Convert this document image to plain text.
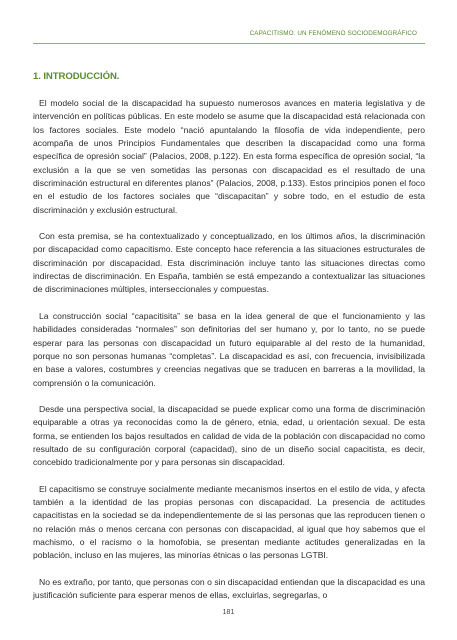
CAPACITISMO: UN FENÓMENO SOCIODEMOGRÁFICO
1. INTRODUCCIÓN.

El modelo social de la discapacidad ha supuesto numerosos avances en materia legislativa y de intervención en políticas públicas. En este modelo se asume que la discapacidad está relacionada con los factores sociales. Este modelo “nació apuntalando la filosofía de vida independiente, pero acompaña de unos Principios Fundamentales que describen la discapacidad como una forma específica de opresión social” (Palacios, 2008, p.122). En esta forma específica de opresión social, “la exclusión a la que se ven sometidas las personas con discapacidad es el resultado de una discriminación estructural en diferentes planos” (Palacios, 2008, p.133). Estos principios ponen el foco en el estudio de los factores sociales que “discapacitan” y sobre todo, en el estudio de esta discriminación y exclusión estructural.

Con esta premisa, se ha contextualizado y conceptualizado, en los últimos años, la discriminación por discapacidad como capacitismo. Este concepto hace referencia a las situaciones estructurales de discriminación por discapacidad. Esta discriminación incluye tanto las situaciones directas como indirectas de discriminación. En España, también se está empezando a contextualizar las situaciones de discriminaciones múltiples, interseccionales y compuestas.

La construcción social “capacitisita” se basa en la idea general de que el funcionamiento y las habilidades consideradas “normales” son definitorias del ser humano y, por lo tanto, no se puede esperar para las personas con discapacidad un futuro equiparable al del resto de la humanidad, porque no son personas humanas “completas”. La discapacidad es así, con frecuencia, invisibilizada en base a valores, costumbres y creencias negativas que se traducen en barreras a la movilidad, la comprensión o la comunicación.

Desde una perspectiva social, la discapacidad se puede explicar como una forma de discriminación equiparable a otras ya reconocidas como la de género, etnia, edad, u orientación sexual. De esta forma, se entienden los bajos resultados en calidad de vida de la población con discapacidad no como resultado de su configuración corporal (capacidad), sino de un diseño social capacitista, es decir, concebido tradicionalmente por y para personas sin discapacidad.

El capacitismo se construye socialmente mediante mecanismos insertos en el estilo de vida, y afecta también a la identidad de las propias personas con discapacidad. La presencia de actitudes capacitistas en la sociedad se da independientemente de si las personas que las reproducen tienen o no relación más o menos cercana con personas con discapacidad, al igual que hoy sabemos que el machismo, o el racismo o la homofobia, se presentan mediante actitudes generalizadas en la población, incluso en las mujeres, las minorías étnicas o las personas LGTBI.

No es extraño, por tanto, que personas con o sin discapacidad entiendan que la discapacidad es una justificación suficiente para esperar menos de ellas, excluirlas, segregarlas, o

181
